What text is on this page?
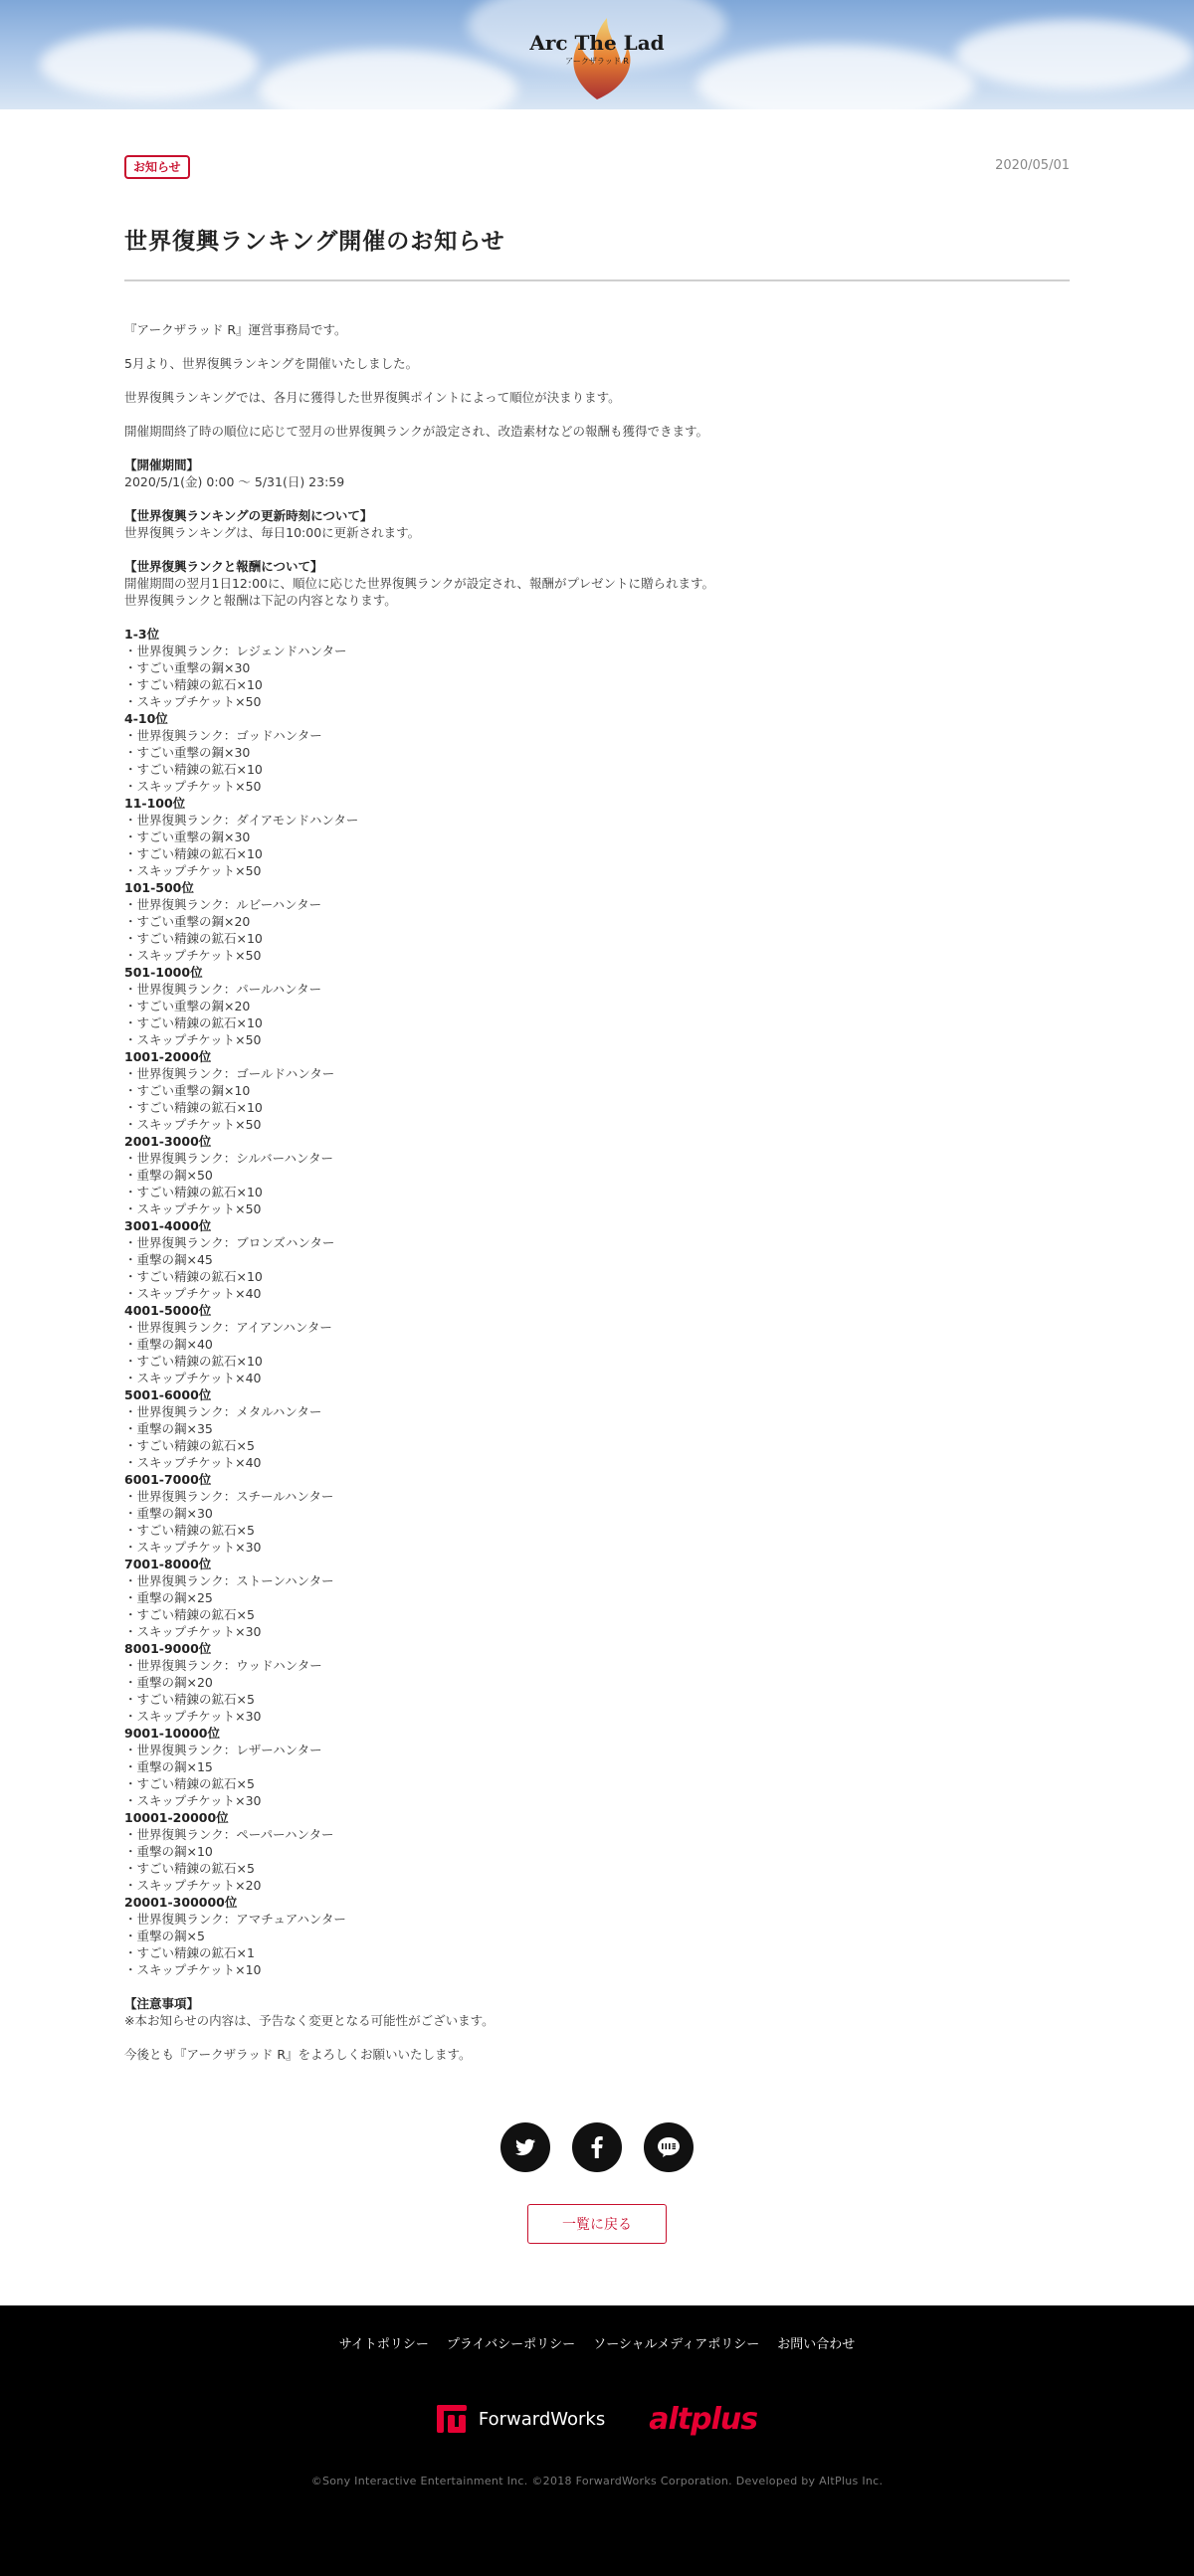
Arc The Lad
アークザラッド R
お知らせ	2020/05/01
世界復興ランキング開催のお知らせ

『アークザラッド R』運営事務局です。

5月より、世界復興ランキングを開催いたしました。

世界復興ランキングでは、各月に獲得した世界復興ポイントによって順位が決まります。

開催期間終了時の順位に応じて翌月の世界復興ランクが設定され、改造素材などの報酬も獲得できます。

【開催期間】

2020/5/1(金) 0:00 〜 5/31(日) 23:59

【世界復興ランキングの更新時刻について】

世界復興ランキングは、毎日10:00に更新されます。

【世界復興ランクと報酬について】

開催期間の翌月1日12:00に、順位に応じた世界復興ランクが設定され、報酬がプレゼントに贈られます。

世界復興ランクと報酬は下記の内容となります。

1-3位

・世界復興ランク：レジェンドハンター

・すごい重撃の鋼×30

・すごい精錬の鉱石×10

・スキップチケット×50

4-10位

・世界復興ランク：ゴッドハンター

・すごい重撃の鋼×30

・すごい精錬の鉱石×10

・スキップチケット×50

11-100位

・世界復興ランク：ダイアモンドハンター

・すごい重撃の鋼×30

・すごい精錬の鉱石×10

・スキップチケット×50

101-500位

・世界復興ランク：ルビーハンター

・すごい重撃の鋼×20

・すごい精錬の鉱石×10

・スキップチケット×50

501-1000位

・世界復興ランク：パールハンター

・すごい重撃の鋼×20

・すごい精錬の鉱石×10

・スキップチケット×50

1001-2000位

・世界復興ランク：ゴールドハンター

・すごい重撃の鋼×10

・すごい精錬の鉱石×10

・スキップチケット×50

2001-3000位

・世界復興ランク：シルバーハンター

・重撃の鋼×50

・すごい精錬の鉱石×10

・スキップチケット×50

3001-4000位

・世界復興ランク：ブロンズハンター

・重撃の鋼×45

・すごい精錬の鉱石×10

・スキップチケット×40

4001-5000位

・世界復興ランク：アイアンハンター

・重撃の鋼×40

・すごい精錬の鉱石×10

・スキップチケット×40

5001-6000位

・世界復興ランク：メタルハンター

・重撃の鋼×35

・すごい精錬の鉱石×5

・スキップチケット×40

6001-7000位

・世界復興ランク：スチールハンター

・重撃の鋼×30

・すごい精錬の鉱石×5

・スキップチケット×30

7001-8000位

・世界復興ランク：ストーンハンター

・重撃の鋼×25

・すごい精錬の鉱石×5

・スキップチケット×30

8001-9000位

・世界復興ランク：ウッドハンター

・重撃の鋼×20

・すごい精錬の鉱石×5

・スキップチケット×30

9001-10000位

・世界復興ランク：レザーハンター

・重撃の鋼×15

・すごい精錬の鉱石×5

・スキップチケット×30

10001-20000位

・世界復興ランク：ペーパーハンター

・重撃の鋼×10

・すごい精錬の鉱石×5

・スキップチケット×20

20001-300000位

・世界復興ランク：アマチュアハンター

・重撃の鋼×5

・すごい精錬の鉱石×1

・スキップチケット×10

【注意事項】

※本お知らせの内容は、予告なく変更となる可能性がございます。

今後とも『アークザラッド R』をよろしくお願いいたします。

一覧に戻る
サイトポリシー プライバシーポリシー ソーシャルメディアポリシー お問い合わせ
ForwardWorks altplus
©Sony Interactive Entertainment Inc. ©2018 ForwardWorks Corporation. Developed by AltPlus Inc.
